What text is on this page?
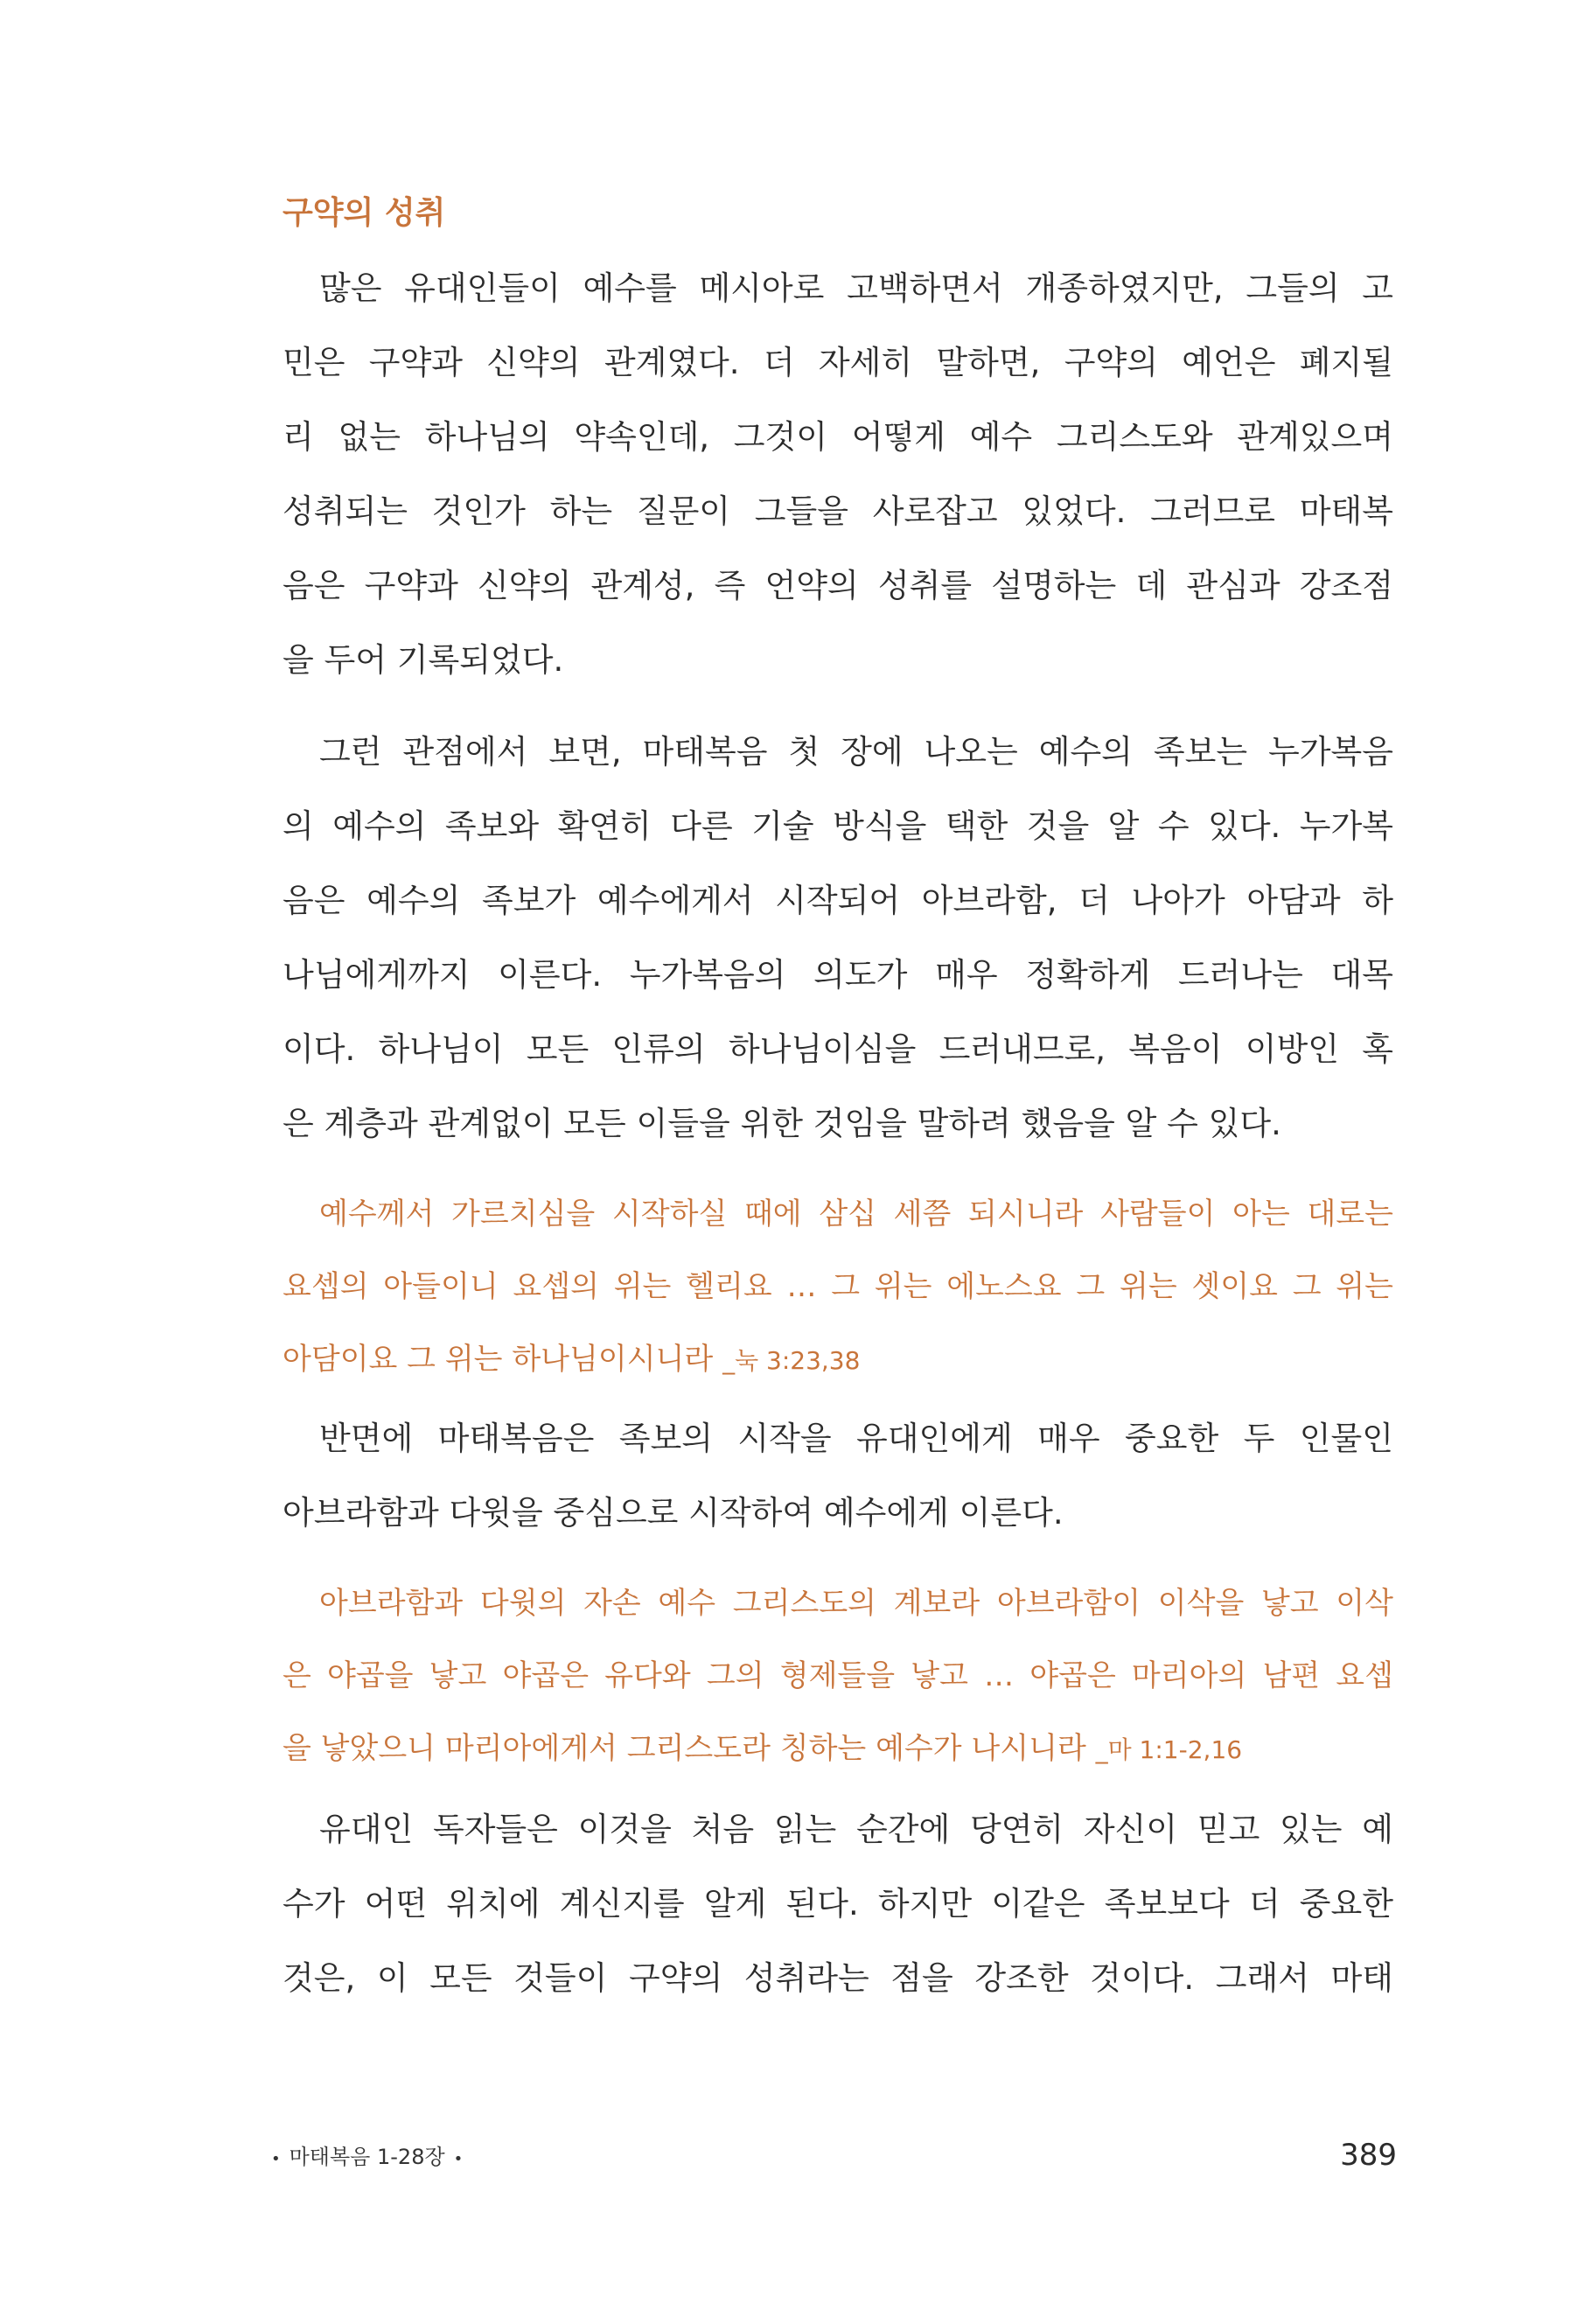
구약의 성취
많은 유대인들이 예수를 메시아로 고백하면서 개종하였지만, 그들의 고
민은 구약과 신약의 관계였다. 더 자세히 말하면, 구약의 예언은 폐지될
리 없는 하나님의 약속인데, 그것이 어떻게 예수 그리스도와 관계있으며
성취되는 것인가 하는 질문이 그들을 사로잡고 있었다. 그러므로 마태복
음은 구약과 신약의 관계성, 즉 언약의 성취를 설명하는 데 관심과 강조점
을 두어 기록되었다.
그런 관점에서 보면, 마태복음 첫 장에 나오는 예수의 족보는 누가복음
의 예수의 족보와 확연히 다른 기술 방식을 택한 것을 알 수 있다. 누가복
음은 예수의 족보가 예수에게서 시작되어 아브라함, 더 나아가 아담과 하
나님에게까지 이른다. 누가복음의 의도가 매우 정확하게 드러나는 대목
이다. 하나님이 모든 인류의 하나님이심을 드러내므로, 복음이 이방인 혹
은 계층과 관계없이 모든 이들을 위한 것임을 말하려 했음을 알 수 있다.
예수께서 가르치심을 시작하실 때에 삼십 세쯤 되시니라 사람들이 아는 대로는
요셉의 아들이니 요셉의 위는 헬리요 … 그 위는 에노스요 그 위는 셋이요 그 위는
아담이요 그 위는 하나님이시니라 _눅 3:23,38
반면에 마태복음은 족보의 시작을 유대인에게 매우 중요한 두 인물인
아브라함과 다윗을 중심으로 시작하여 예수에게 이른다.
아브라함과 다윗의 자손 예수 그리스도의 계보라 아브라함이 이삭을 낳고 이삭
은 야곱을 낳고 야곱은 유다와 그의 형제들을 낳고 … 야곱은 마리아의 남편 요셉
을 낳았으니 마리아에게서 그리스도라 칭하는 예수가 나시니라 _마 1:1-2,16
유대인 독자들은 이것을 처음 읽는 순간에 당연히 자신이 믿고 있는 예
수가 어떤 위치에 계신지를 알게 된다. 하지만 이같은 족보보다 더 중요한
것은, 이 모든 것들이 구약의 성취라는 점을 강조한 것이다. 그래서 마태
• 마태복음 1-28장 •	389
